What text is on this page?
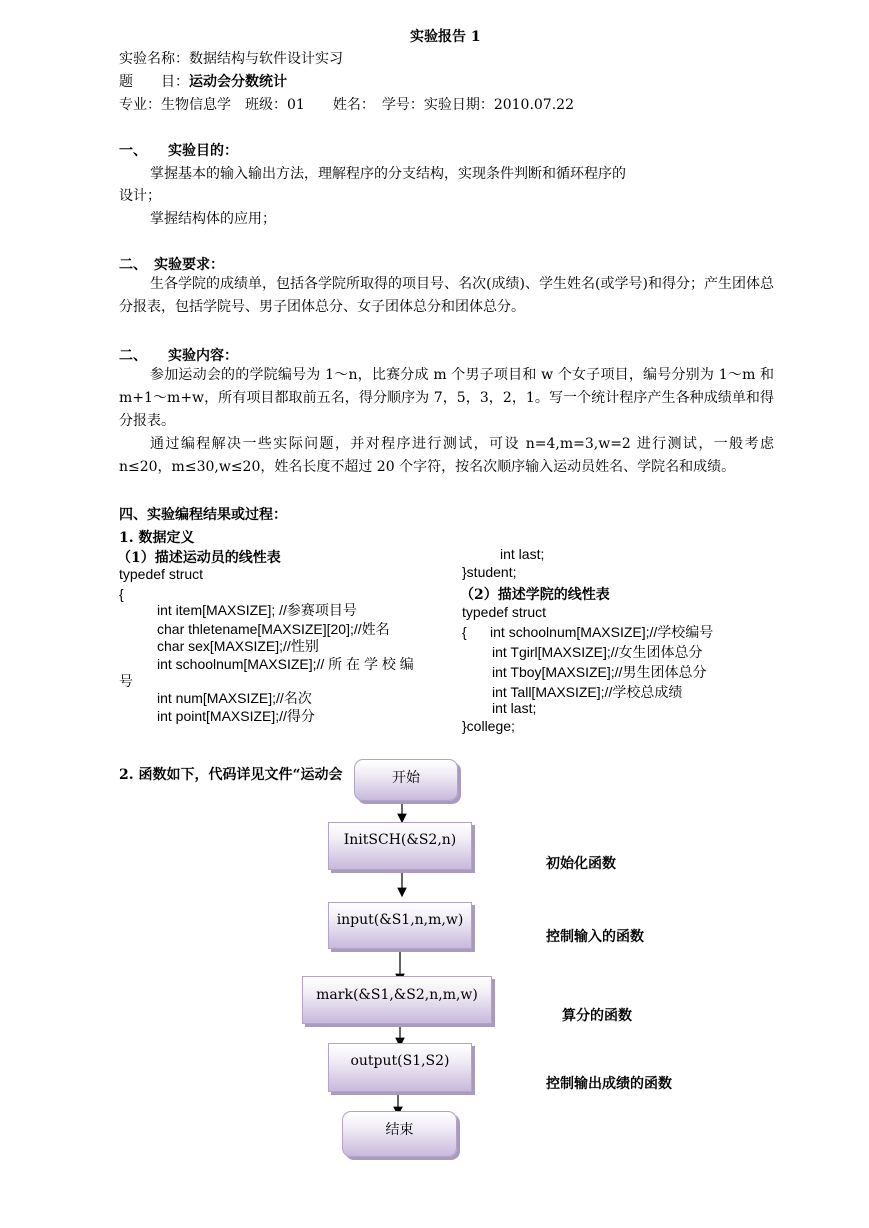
实验报告 1
实验名称：数据结构与软件设计实习
题　　目：运动会分数统计
专业：生物信息学　班级：01　　姓名：　学号：实验日期：2010.07.22
一、　　实验目的：
掌握基本的输入输出方法，理解程序的分支结构，实现条件判断和循环程序的
设计；
掌握结构体的应用；
二、　实验要求：
生各学院的成绩单，包括各学院所取得的项目号、名次(成绩)、学生姓名(或学号)和得分；产生团体总分报表，包括学院号、男子团体总分、女子团体总分和团体总分。
二、　　实验内容：
参加运动会的的学院编号为 1～n，比赛分成 m 个男子项目和 w 个女子项目，编号分别为 1～m 和 m+1～m+w，所有项目都取前五名，得分顺序为 7，5，3，2，1。写一个统计程序产生各种成绩单和得分报表。
通过编程解决一些实际问题，并对程序进行测试，可设 n=4,m=3,w=2 进行测试，一般考虑 n≤20，m≤30,w≤20，姓名长度不超过 20 个字符，按名次顺序输入运动员姓名、学院名和成绩。
四、实验编程结果或过程：
1. 数据定义
（1）描述运动员的线性表
typedef struct
{
int item[MAXSIZE]; //参赛项目号
char thletename[MAXSIZE][20];//姓名
char sex[MAXSIZE];//性别
int schoolnum[MAXSIZE];// 所 在 学 校 编
号
int num[MAXSIZE];//名次
int point[MAXSIZE];//得分
int last;
}student;
（2）描述学院的线性表
typedef struct
{      int schoolnum[MAXSIZE];//学校编号
int Tgirl[MAXSIZE];//女生团体总分
int Tboy[MAXSIZE];//男生团体总分
int Tall[MAXSIZE];//学校总成绩
int last;
}college;
2. 函数如下，代码详见文件“运动会	开始
InitSCH(&S2,n)
input(&S1,n,m,w)
mark(&S1,&S2,n,m,w)
output(S1,S2)
结束
初始化函数
控制输入的函数
算分的函数
控制输出成绩的函数
